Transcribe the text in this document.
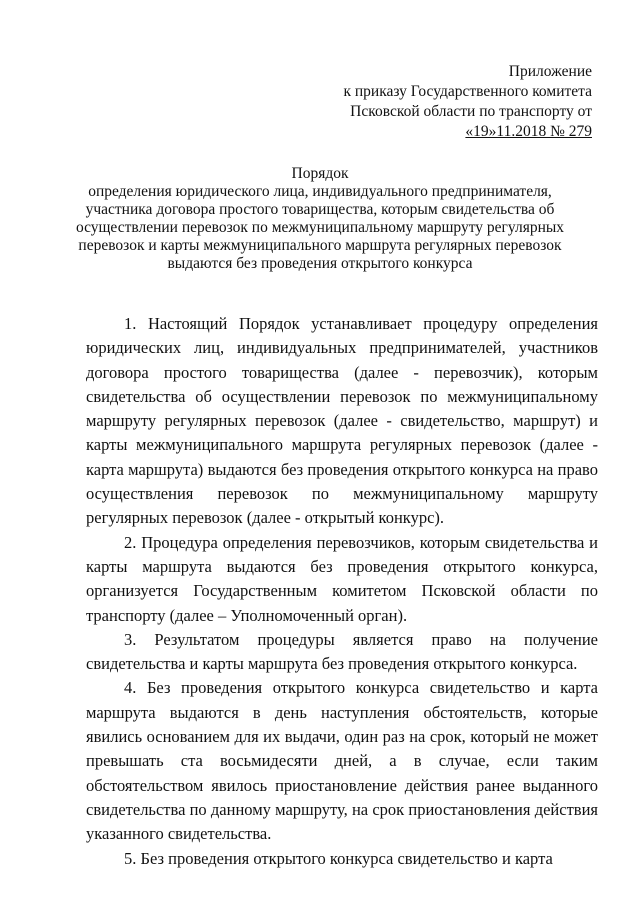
Приложение
к приказу Государственного комитета
Псковской области по транспорту от
«19»11.2018 № 279
Порядок
определения юридического лица, индивидуального предпринимателя,
участника договора простого товарищества, которым свидетельства об
осуществлении перевозок по межмуниципальному маршруту регулярных
перевозок и карты межмуниципального маршрута регулярных перевозок
выдаются без проведения открытого конкурса

1. Настоящий Порядок устанавливает процедуру определения юридических лиц, индивидуальных предпринимателей, участников договора простого товарищества (далее - перевозчик), которым свидетельства об осуществлении перевозок по межмуниципальному маршруту регулярных перевозок (далее - свидетельство, маршрут) и карты межмуниципального маршрута регулярных перевозок (далее - карта маршрута) выдаются без проведения открытого конкурса на право осуществления перевозок по межмуниципальному маршруту регулярных перевозок (далее - открытый конкурс).

2. Процедура определения перевозчиков, которым свидетельства и карты маршрута выдаются без проведения открытого конкурса, организуется Государственным комитетом Псковской области по транспорту (далее – Уполномоченный орган).

3. Результатом процедуры является право на получение свидетельства и карты маршрута без проведения открытого конкурса.

4. Без проведения открытого конкурса свидетельство и карта маршрута выдаются в день наступления обстоятельств, которые явились основанием для их выдачи, один раз на срок, который не может превышать ста восьмидесяти дней, а в случае, если таким обстоятельством явилось приостановление действия ранее выданного свидетельства по данному маршруту, на срок приостановления действия указанного свидетельства.

5. Без проведения открытого конкурса свидетельство и карта
